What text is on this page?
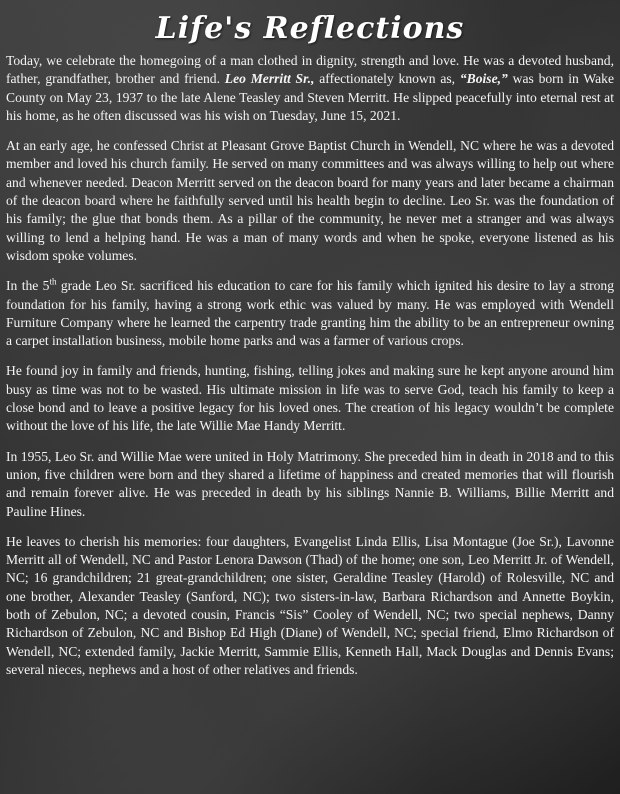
Life's Reflections

Today, we celebrate the homegoing of a man clothed in dignity, strength and love. He was a devoted husband, father, grandfather, brother and friend. Leo Merritt Sr., affectionately known as, “Boise,” was born in Wake County on May 23, 1937 to the late Alene Teasley and Steven Merritt. He slipped peacefully into eternal rest at his home, as he often discussed was his wish on Tuesday, June 15, 2021.

At an early age, he confessed Christ at Pleasant Grove Baptist Church in Wendell, NC where he was a devoted member and loved his church family. He served on many committees and was always willing to help out where and whenever needed. Deacon Merritt served on the deacon board for many years and later became a chairman of the deacon board where he faithfully served until his health begin to decline. Leo Sr. was the foundation of his family; the glue that bonds them. As a pillar of the community, he never met a stranger and was always willing to lend a helping hand. He was a man of many words and when he spoke, everyone listened as his wisdom spoke volumes.

In the 5th grade Leo Sr. sacrificed his education to care for his family which ignited his desire to lay a strong foundation for his family, having a strong work ethic was valued by many. He was employed with Wendell Furniture Company where he learned the carpentry trade granting him the ability to be an entrepreneur owning a carpet installation business, mobile home parks and was a farmer of various crops.

He found joy in family and friends, hunting, fishing, telling jokes and making sure he kept anyone around him busy as time was not to be wasted. His ultimate mission in life was to serve God, teach his family to keep a close bond and to leave a positive legacy for his loved ones. The creation of his legacy wouldn’t be complete without the love of his life, the late Willie Mae Handy Merritt.

In 1955, Leo Sr. and Willie Mae were united in Holy Matrimony. She preceded him in death in 2018 and to this union, five children were born and they shared a lifetime of happiness and created memories that will flourish and remain forever alive. He was preceded in death by his siblings Nannie B. Williams, Billie Merritt and Pauline Hines.

He leaves to cherish his memories: four daughters, Evangelist Linda Ellis, Lisa Montague (Joe Sr.), Lavonne Merritt all of Wendell, NC and Pastor Lenora Dawson (Thad) of the home; one son, Leo Merritt Jr. of Wendell, NC; 16 grandchildren; 21 great-grandchildren; one sister, Geraldine Teasley (Harold) of Rolesville, NC and one brother, Alexander Teasley (Sanford, NC); two sisters-in-law, Barbara Richardson and Annette Boykin, both of Zebulon, NC; a devoted cousin, Francis “Sis” Cooley of Wendell, NC; two special nephews, Danny Richardson of Zebulon, NC and Bishop Ed High (Diane) of Wendell, NC; special friend, Elmo Richardson of Wendell, NC; extended family, Jackie Merritt, Sammie Ellis, Kenneth Hall, Mack Douglas and Dennis Evans; several nieces, nephews and a host of other relatives and friends.
